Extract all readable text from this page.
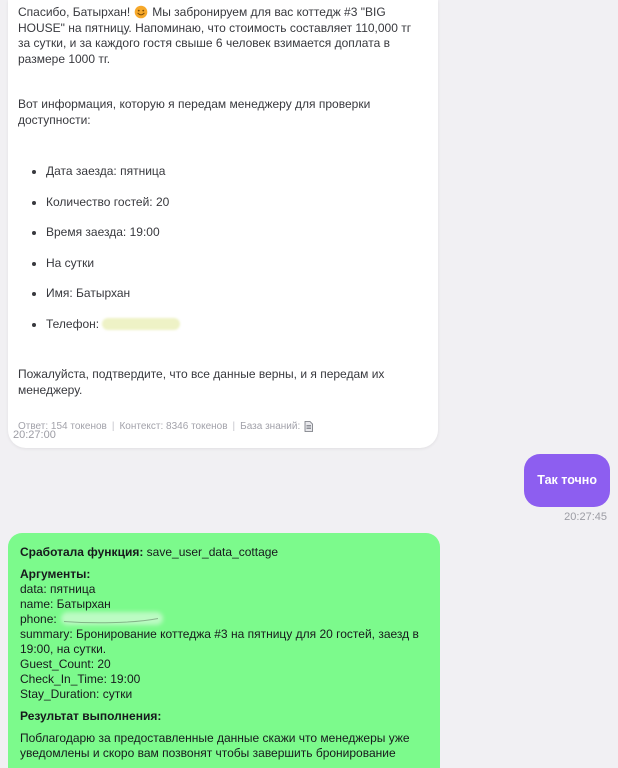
Спасибо, Батырхан! Мы забронируем для вас коттедж #3 "BIG HOUSE" на пятницу. Напоминаю, что стоимость составляет 110,000 тг за сутки, и за каждого гостя свыше 6 человек взимается доплата в размере 1000 тг.

Вот информация, которую я передам менеджеру для проверки доступности:

• Дата заезда: пятница
• Количество гостей: 20
• Время заезда: 19:00
• На сутки
• Имя: Батырхан
• Телефон:

Пожалуйста, подтвердите, что все данные верны, и я передам их менеджеру.

Ответ: 154 токенов | Контекст: 8346 токенов | База знаний:
20:27:00
Так точно
20:27:45
Сработала функция: save_user_data_cottage
Аргументы:
data: пятница
name: Батырхан
phone:
summary: Бронирование коттеджа #3 на пятницу для 20 гостей, заезд в 19:00, на сутки.
Guest_Count: 20
Check_In_Time: 19:00
Stay_Duration: сутки
Результат выполнения:
Поблагодарю за предоставленные данные скажи что менеджеры уже уведомлены и скоро вам позвонят чтобы завершить бронирование
